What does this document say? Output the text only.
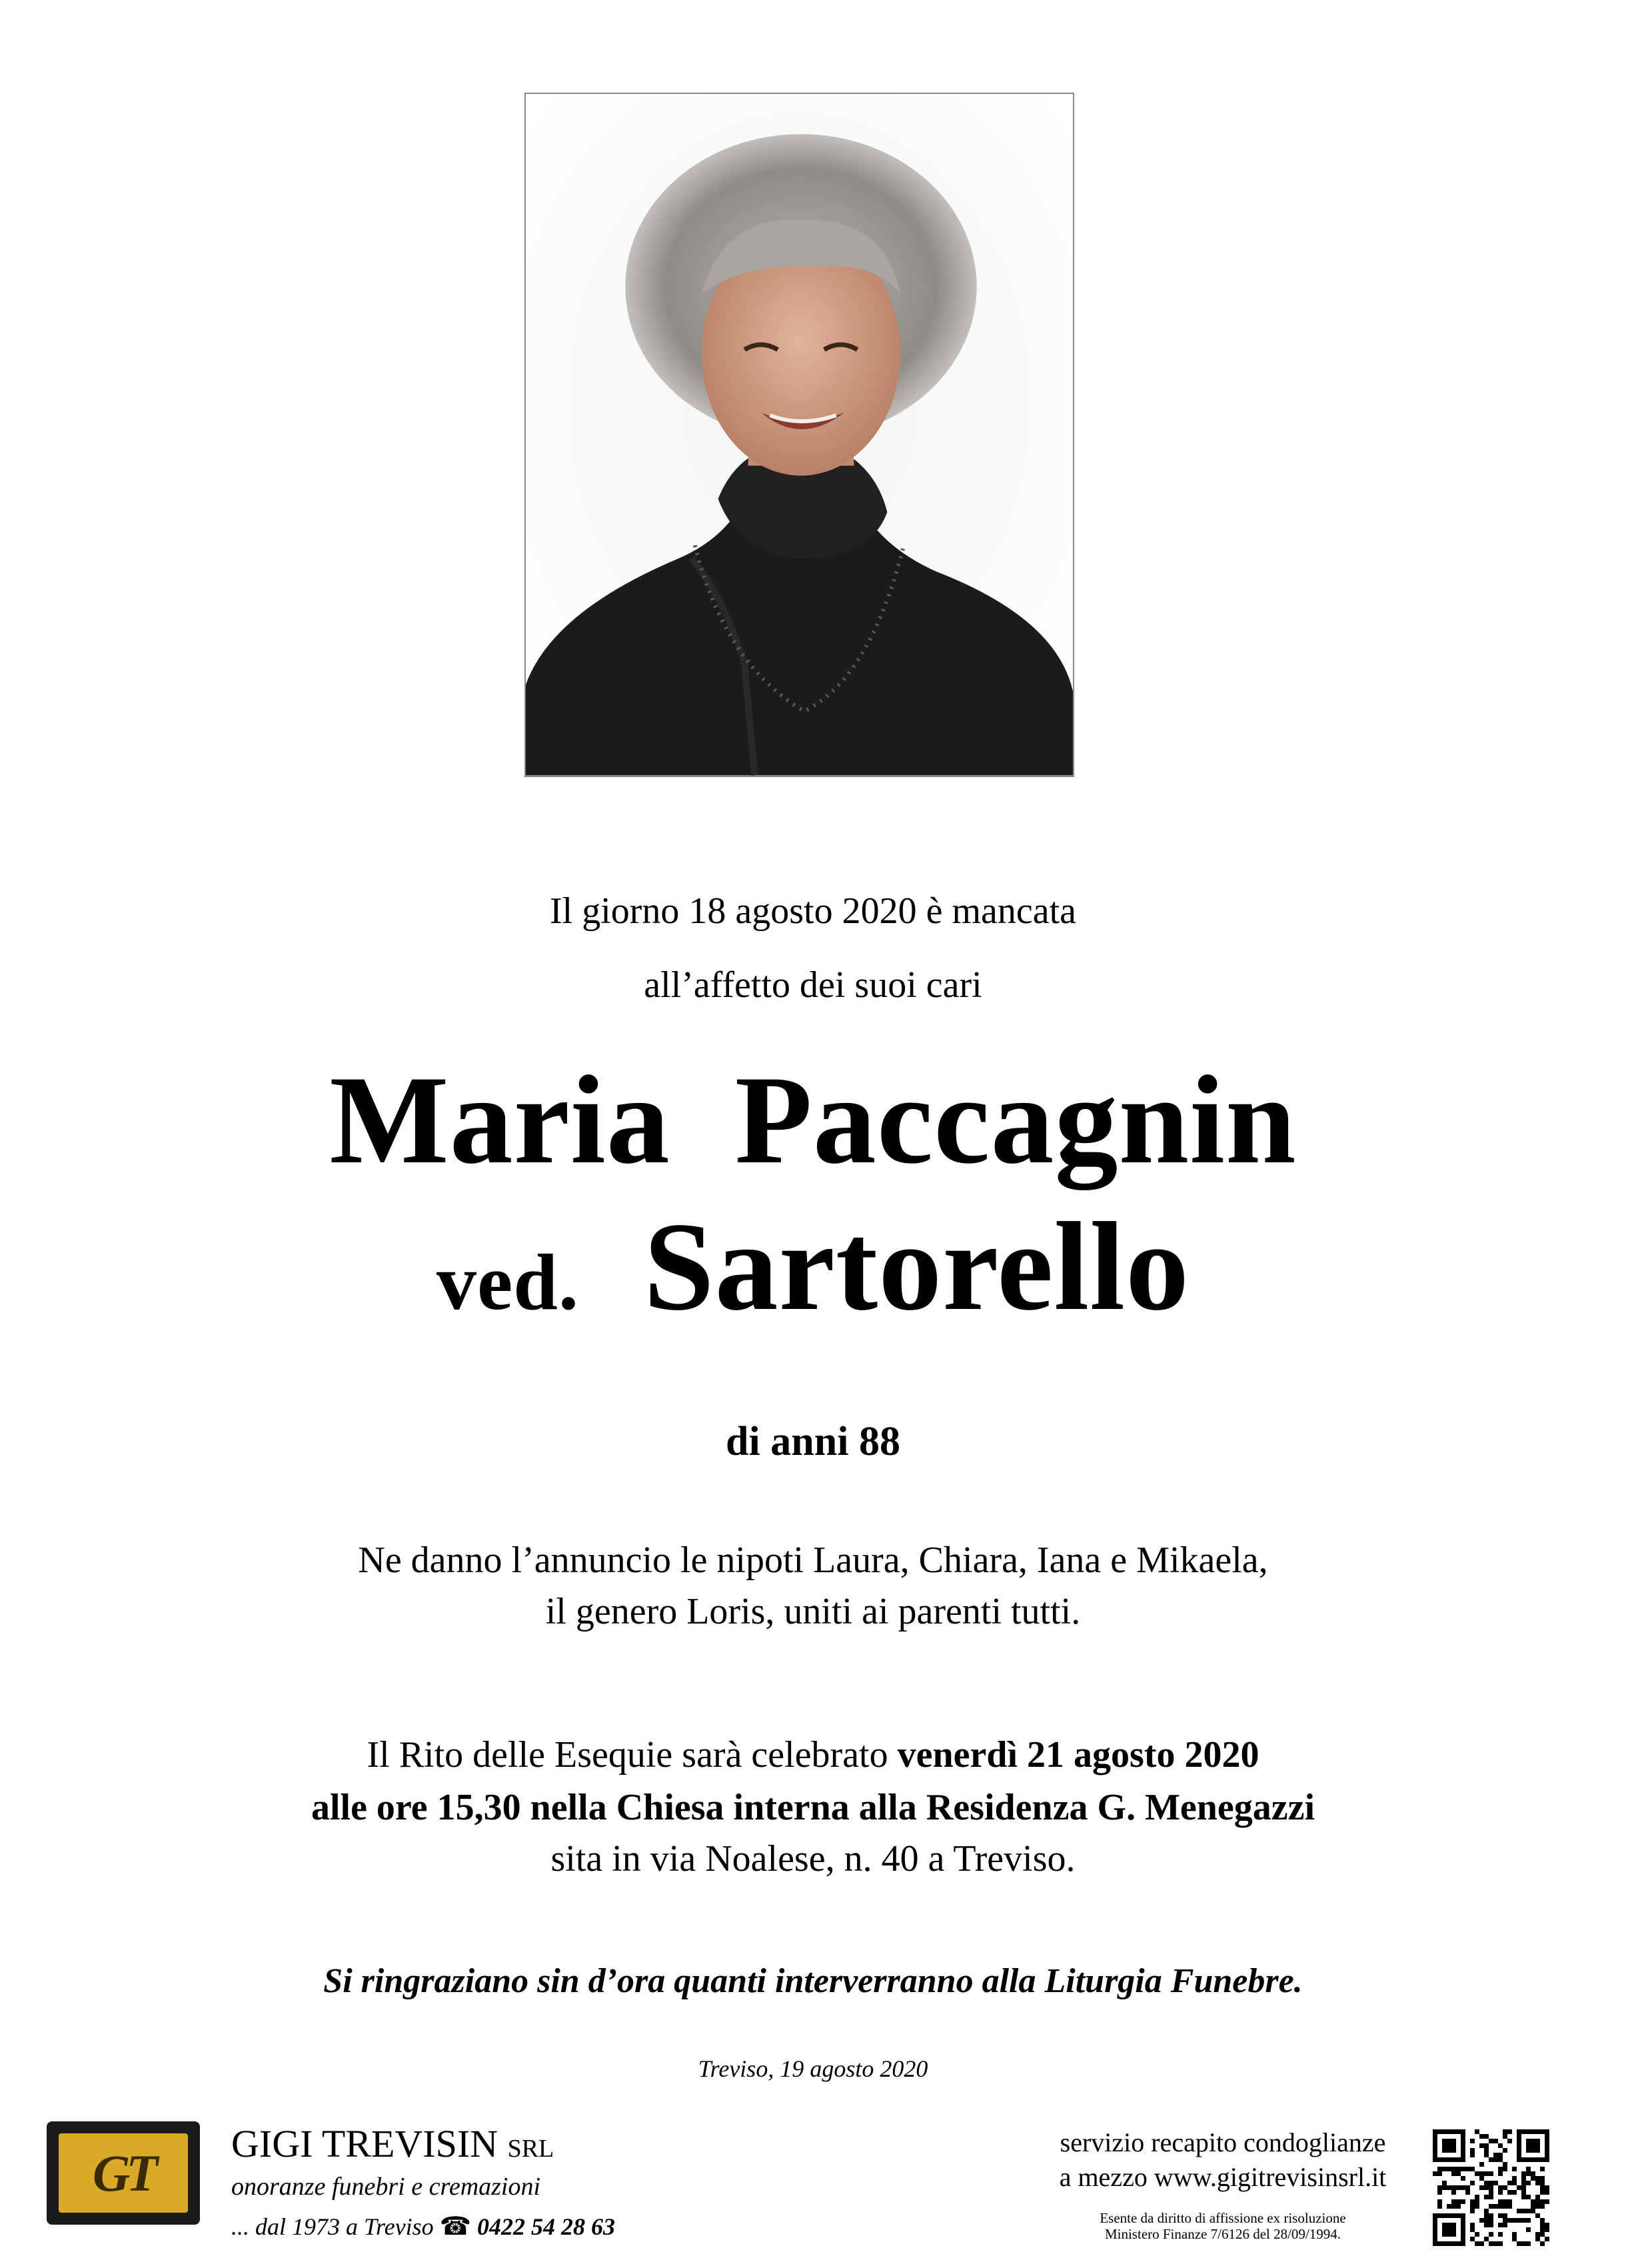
Il giorno 18 agosto 2020 è mancata
all’affetto dei suoi cari
Maria Paccagnin
ved. Sartorello
di anni 88
Ne danno l’annuncio le nipoti Laura, Chiara, Iana e Mikaela,
il genero Loris, uniti ai parenti tutti.
Il Rito delle Esequie sarà celebrato venerdì 21 agosto 2020
alle ore 15,30 nella Chiesa interna alla Residenza G. Menegazzi
sita in via Noalese, n. 40 a Treviso.
Si ringraziano sin d’ora quanti interverranno alla Liturgia Funebre.
Treviso, 19 agosto 2020
GT GIGI TREVISIN SRL
onoranze funebri e cremazioni
... dal 1973 a Treviso ☎ 0422 54 28 63
servizio recapito condoglianze
a mezzo www.gigitrevisinsrl.it
Esente da diritto di affissione ex risoluzione
Ministero Finanze 7/6126 del 28/09/1994.
